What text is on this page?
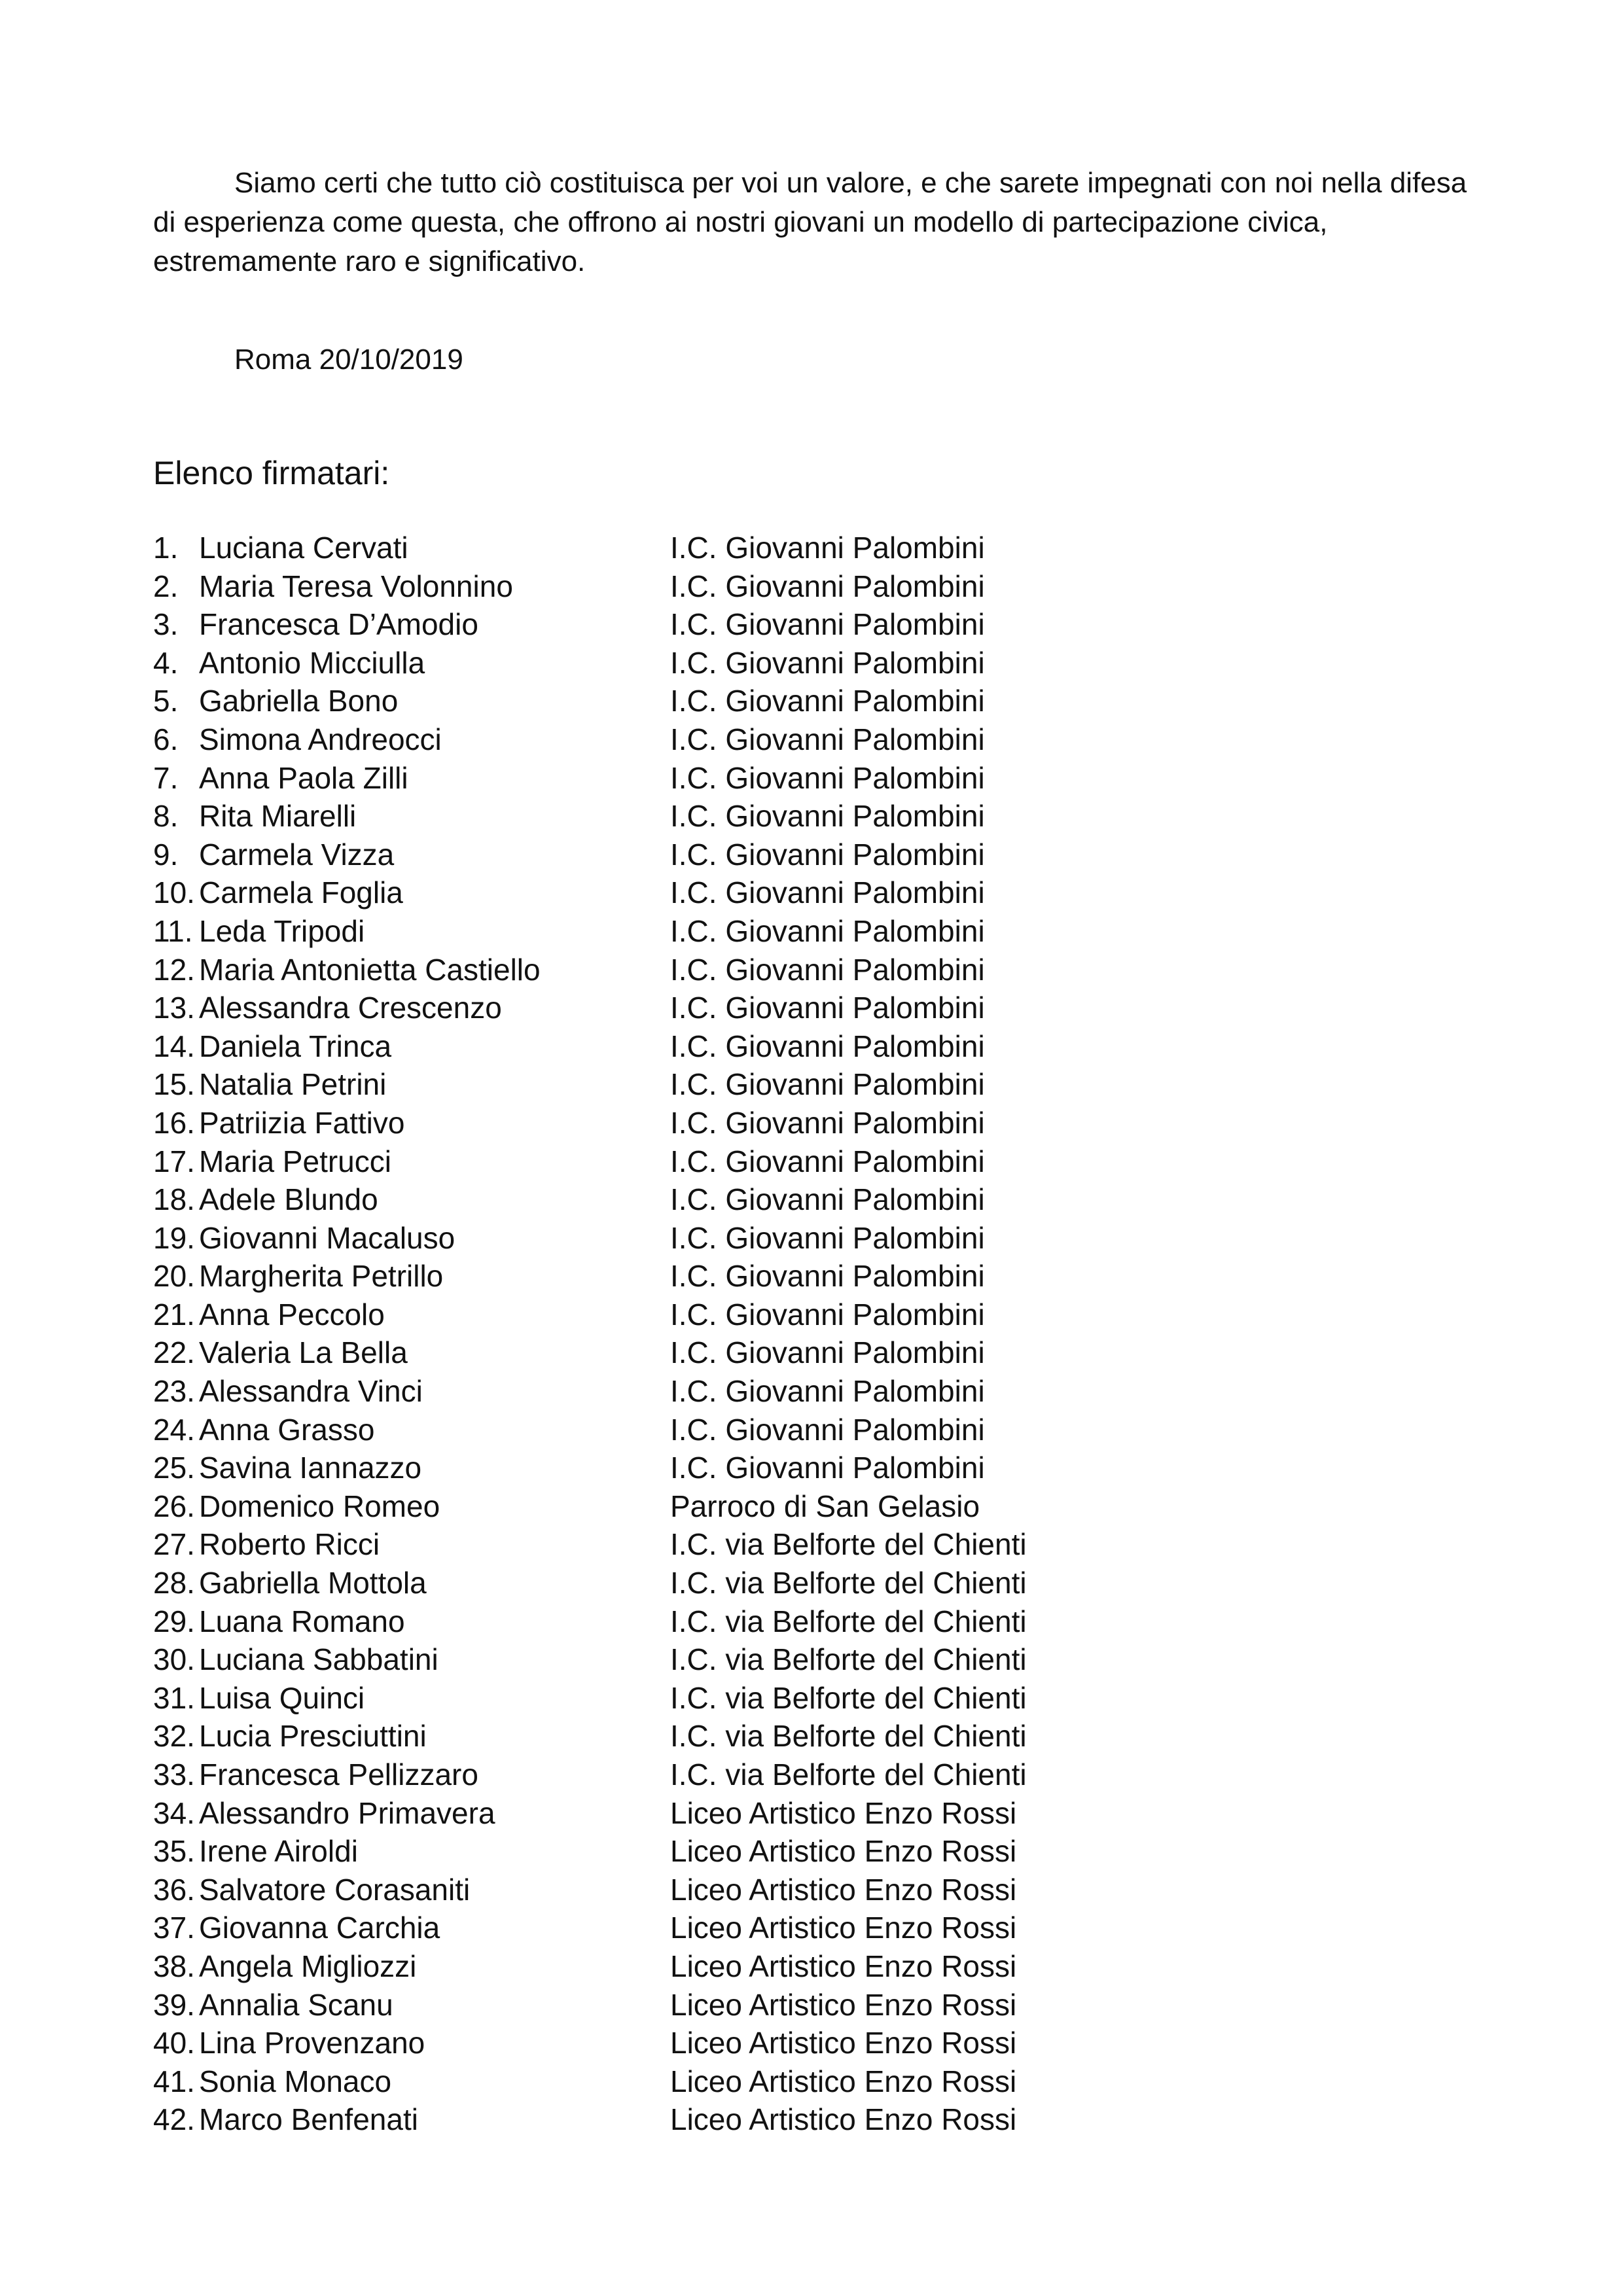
Siamo certi che tutto ciò costituisca per voi un valore, e che sarete impegnati con noi nella difesa di esperienza come questa, che offrono ai nostri giovani un modello di partecipazione civica, estremamente raro e significativo.

Roma 20/10/2019

Elenco firmatari:
1. Luciana Cervati	I.C. Giovanni Palombini
2. Maria Teresa Volonnino	I.C. Giovanni Palombini
3. Francesca D’Amodio	I.C. Giovanni Palombini
4. Antonio Micciulla	I.C. Giovanni Palombini
5. Gabriella Bono	I.C. Giovanni Palombini
6. Simona Andreocci	I.C. Giovanni Palombini
7. Anna Paola Zilli	I.C. Giovanni Palombini
8. Rita Miarelli	I.C. Giovanni Palombini
9. Carmela Vizza	I.C. Giovanni Palombini
10. Carmela Foglia	I.C. Giovanni Palombini
11. Leda Tripodi	I.C. Giovanni Palombini
12. Maria Antonietta Castiello	I.C. Giovanni Palombini
13. Alessandra Crescenzo	I.C. Giovanni Palombini
14. Daniela Trinca	I.C. Giovanni Palombini
15. Natalia Petrini	I.C. Giovanni Palombini
16. Patriizia Fattivo	I.C. Giovanni Palombini
17. Maria Petrucci	I.C. Giovanni Palombini
18. Adele Blundo	I.C. Giovanni Palombini
19. Giovanni Macaluso	I.C. Giovanni Palombini
20. Margherita Petrillo	I.C. Giovanni Palombini
21. Anna Peccolo	I.C. Giovanni Palombini
22. Valeria La Bella	I.C. Giovanni Palombini
23. Alessandra Vinci	I.C. Giovanni Palombini
24. Anna Grasso	I.C. Giovanni Palombini
25. Savina Iannazzo	I.C. Giovanni Palombini
26. Domenico Romeo	Parroco di San Gelasio
27. Roberto Ricci	I.C. via Belforte del Chienti
28. Gabriella Mottola	I.C. via Belforte del Chienti
29. Luana Romano	I.C. via Belforte del Chienti
30. Luciana Sabbatini	I.C. via Belforte del Chienti
31. Luisa Quinci	I.C. via Belforte del Chienti
32. Lucia Presciuttini	I.C. via Belforte del Chienti
33. Francesca Pellizzaro	I.C. via Belforte del Chienti
34. Alessandro Primavera	Liceo Artistico Enzo Rossi
35. Irene Airoldi	Liceo Artistico Enzo Rossi
36. Salvatore Corasaniti	Liceo Artistico Enzo Rossi
37. Giovanna Carchia	Liceo Artistico Enzo Rossi
38. Angela Migliozzi	Liceo Artistico Enzo Rossi
39. Annalia Scanu	Liceo Artistico Enzo Rossi
40. Lina Provenzano	Liceo Artistico Enzo Rossi
41. Sonia Monaco	Liceo Artistico Enzo Rossi
42. Marco Benfenati	Liceo Artistico Enzo Rossi
